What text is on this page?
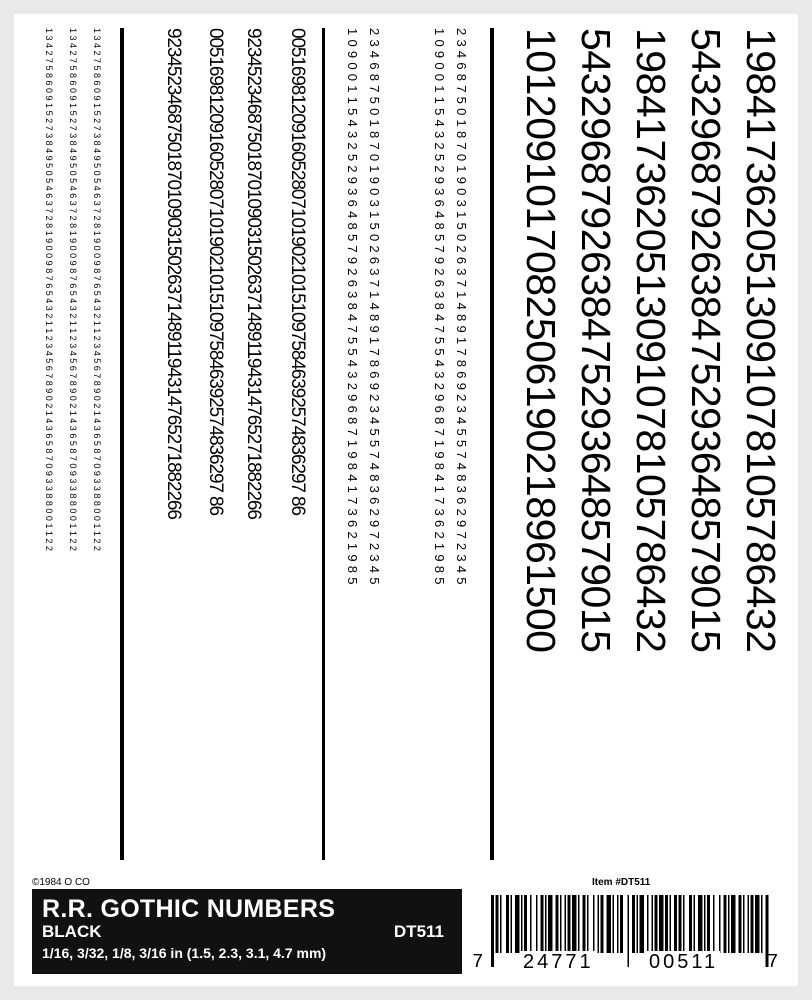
1984173620513091078105786432
5432968792638475293648579015
1984173620513091078105786432
5432968792638475293648579015
1012091017082506190218961500
2 3 4 6 8 7 5 0 1 8 7 0 1 9 0 3 1 5 0 2 6 3 7 1 4 8 9 1 7 8 6 9 2 3 4 5 5 7 4 8 3 6 2 9 7 2 3 4 5
1 0 9 0 0 1 1 5 4 3 2 5 2 9 3 6 4 8 5 7 9 2 6 3 8 4 7 5 5 4 3 2 9 6 8 7 1 9 8 4 1 7 3 6 2 1 9 8 5
2 3 4 6 8 7 5 0 1 8 7 0 1 9 0 3 1 5 0 2 6 3 7 1 4 8 9 1 7 8 6 9 2 3 4 5 5 7 4 8 3 6 2 9 7 2 3 4 5
1 0 9 0 0 1 1 5 4 3 2 5 2 9 3 6 4 8 5 7 9 2 6 3 8 4 7 5 5 4 3 2 9 6 8 7 1 9 8 4 1 7 3 6 2 1 9 8 5
0051698120916052807101902101510975846392574836297 86
9234523468750187010903150263714891194314765271882266
0051698120916052807101902101510975846392574836297 86
9234523468750187010903150263714891194314765271882266
1 3 4 2 7 5 8 6 0 9 1 5 2 7 3 8 4 9 5 0 5 4 6 3 7 2 8 1 9 0 0 9 8 7 6 5 4 3 2 1 1 2 3 4 5 6 7 8 9 0 2 1 4 3 6 5 8 7 0 9 3 3 8 8 0 0 1 1 2 2
1 3 4 2 7 5 8 6 0 9 1 5 2 7 3 8 4 9 5 0 5 4 6 3 7 2 8 1 9 0 0 9 8 7 6 5 4 3 2 1 1 2 3 4 5 6 7 8 9 0 2 1 4 3 6 5 8 7 0 9 3 3 8 8 0 0 1 1 2 2
1 3 4 2 7 5 8 6 0 9 1 5 2 7 3 8 4 9 5 0 5 4 6 3 7 2 8 1 9 0 0 9 8 7 6 5 4 3 2 1 1 2 3 4 5 6 7 8 9 0 2 1 4 3 6 5 8 7 0 9 3 3 8 8 0 0 1 1 2 2
©1984 O CO	Item #DT511
R.R. GOTHIC NUMBERS
BLACK	DT511
1/16, 3/32, 1/8, 3/16 in (1.5, 2.3, 3.1, 4.7 mm)	7 24771	00511	7
